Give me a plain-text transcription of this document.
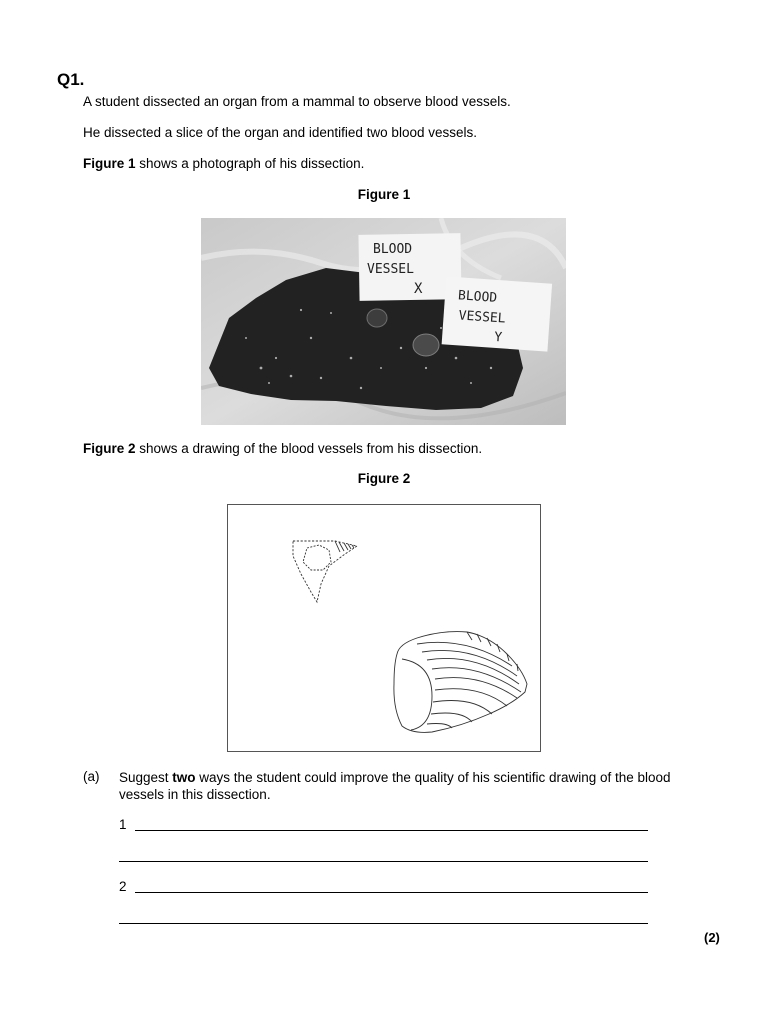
Q1.
A student dissected an organ from a mammal to observe blood vessels.
He dissected a slice of the organ and identified two blood vessels.
Figure 1 shows a photograph of his dissection.
Figure 1
BLOOD
VESSEL
X	BLOOD
VESSEL
Y
Figure 2 shows a drawing of the blood vessels from his dissection.
Figure 2
(a) Suggest two ways the student could improve the quality of his scientific drawing of the blood vessels in this dissection.
1
2
(2)
